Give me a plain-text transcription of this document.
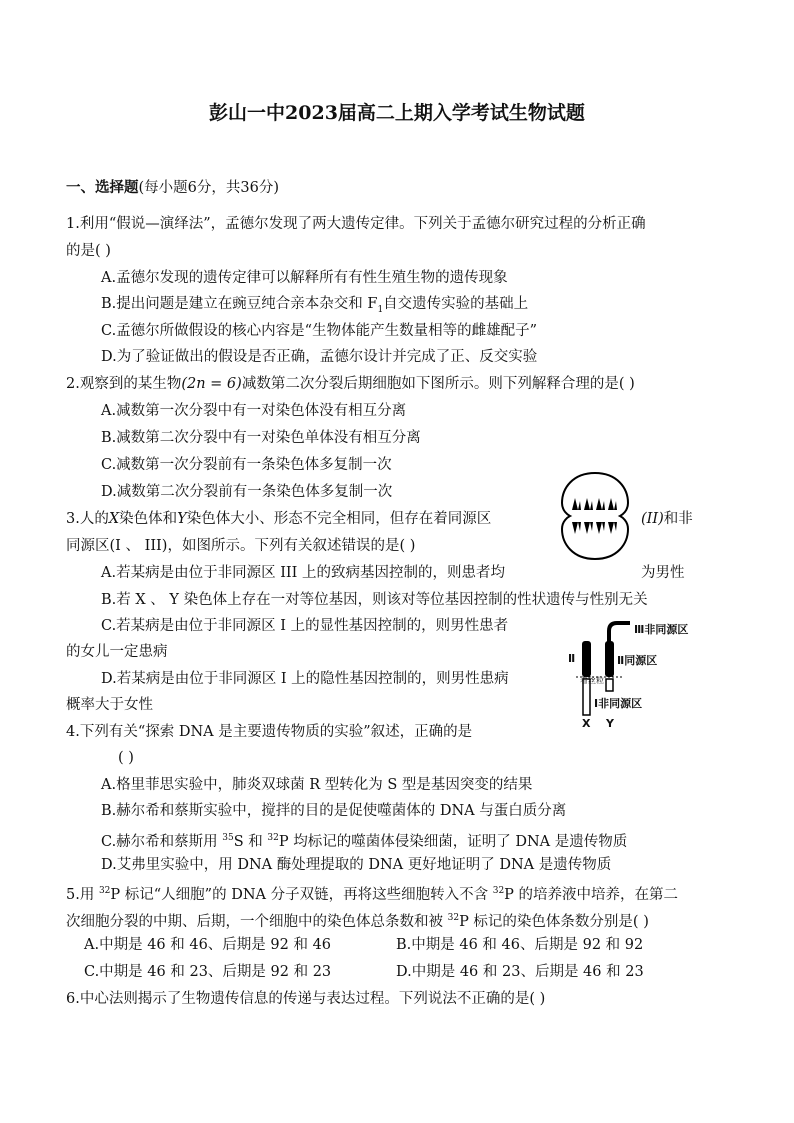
彭山一中2023届高二上期入学考试生物试题
一、选择题(每小题6分，共36分)
1.利用“假说—演绎法”，孟德尔发现了两大遗传定律。下列关于孟德尔研究过程的分析正确
的是( )
A.孟德尔发现的遗传定律可以解释所有有性生殖生物的遗传现象
B.提出问题是建立在豌豆纯合亲本杂交和 $F_1$自交遗传实验的基础上
C.孟德尔所做假设的核心内容是“生物体能产生数量相等的雌雄配子”
D.为了验证做出的假设是否正确，孟德尔设计并完成了正、反交实验
2.观察到的某生物(2n = 6)减数第二次分裂后期细胞如下图所示。则下列解释合理的是( )
A.减数第一次分裂中有一对染色体没有相互分离
B.减数第二次分裂中有一对染色单体没有相互分离
C.减数第一次分裂前有一条染色体多复制一次
D.减数第二次分裂前有一条染色体多复制一次
3.人的X染色体和Y染色体大小、形态不完全相同，但存在着同源区	(II)和非
同源区(I 、 III)，如图所示。下列有关叙述错误的是( )
A.若某病是由位于非同源区 III 上的致病基因控制的，则患者均	为男性
B.若 X 、 Y 染色体上存在一对等位基因，则该对等位基因控制的性状遗传与性别无关
C.若某病是由位于非同源区 I 上的显性基因控制的，则男性患者
的女儿一定患病
D.若某病是由位于非同源区 I 上的隐性基因控制的，则男性患病
概率大于女性
Ⅲ非同源区
Ⅱ	Ⅱ同源区
着丝粒
Ⅰ非同源区
X Y
4.下列有关“探索 DNA 是主要遗传物质的实验”叙述，正确的是
( )
A.格里菲思实验中，肺炎双球菌 R 型转化为 S 型是基因突变的结果
B.赫尔希和蔡斯实验中，搅拌的目的是促使噬菌体的 DNA 与蛋白质分离
C.赫尔希和蔡斯用 $^{35}$S 和 $^{32}$P 均标记的噬菌体侵染细菌，证明了 DNA 是遗传物质
D.艾弗里实验中，用 DNA 酶处理提取的 DNA 更好地证明了 DNA 是遗传物质
5.用 $^{32}$P 标记“人细胞”的 DNA 分子双链，再将这些细胞转入不含 $^{32}$P 的培养液中培养，在第二
次细胞分裂的中期、后期，一个细胞中的染色体总条数和被 $^{32}$P 标记的染色体条数分别是( )
A.中期是 46 和 46、后期是 92 和 46	B.中期是 46 和 46、后期是 92 和 92
C.中期是 46 和 23、后期是 92 和 23	D.中期是 46 和 23、后期是 46 和 23
6.中心法则揭示了生物遗传信息的传递与表达过程。下列说法不正确的是( )
